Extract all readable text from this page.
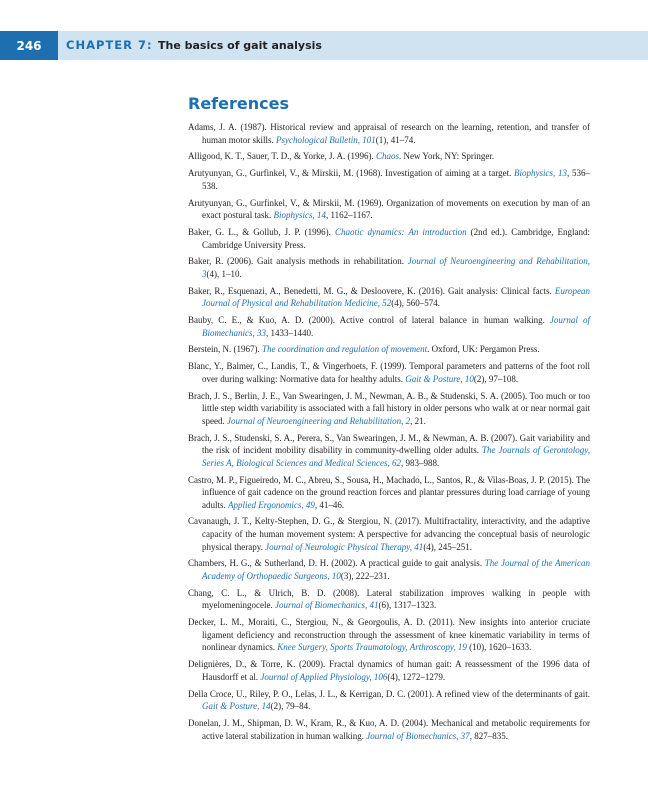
246	CHAPTER 7: The basics of gait analysis
References
Adams, J. A. (1987). Historical review and appraisal of research on the learning, retention, and transfer of human motor skills. Psychological Bulletin, 101(1), 41–74.
Alligood, K. T., Sauer, T. D., & Yorke, J. A. (1996). Chaos. New York, NY: Springer.
Arutyunyan, G., Gurfinkel, V., & Mirskii, M. (1968). Investigation of aiming at a target. Biophysics, 13, 536–538.
Arutyunyan, G., Gurfinkel, V., & Mirskii, M. (1969). Organization of movements on execution by man of an exact postural task. Biophysics, 14, 1162–1167.
Baker, G. L., & Gollub, J. P. (1996). Chaotic dynamics: An introduction (2nd ed.). Cambridge, England: Cambridge University Press.
Baker, R. (2006). Gait analysis methods in rehabilitation. Journal of Neuroengineering and Rehabilitation, 3(4), 1–10.
Baker, R., Esquenazi, A., Benedetti, M. G., & Desloovere, K. (2016). Gait analysis: Clinical facts. European Journal of Physical and Rehabilitation Medicine, 52(4), 560–574.
Bauby, C. E., & Kuo, A. D. (2000). Active control of lateral balance in human walking. Journal of Biomechanics, 33, 1433–1440.
Berstein, N. (1967). The coordination and regulation of movement. Oxford, UK: Pergamon Press.
Blanc, Y., Balmer, C., Landis, T., & Vingerhoets, F. (1999). Temporal parameters and patterns of the foot roll over during walking: Normative data for healthy adults. Gait & Posture, 10(2), 97–108.
Brach, J. S., Berlin, J. E., Van Swearingen, J. M., Newman, A. B., & Studenski, S. A. (2005). Too much or too little step width variability is associated with a fall history in older persons who walk at or near normal gait speed. Journal of Neuroengineering and Rehabilitation, 2, 21.
Brach, J. S., Studenski, S. A., Perera, S., Van Swearingen, J. M., & Newman, A. B. (2007). Gait variability and the risk of incident mobility disability in community-dwelling older adults. The Journals of Gerontology, Series A, Biological Sciences and Medical Sciences, 62, 983–988.
Castro, M. P., Figueiredo, M. C., Abreu, S., Sousa, H., Machado, L., Santos, R., & Vilas-Boas, J. P. (2015). The influence of gait cadence on the ground reaction forces and plantar pressures during load carriage of young adults. Applied Ergonomics, 49, 41–46.
Cavanaugh, J. T., Kelty-Stephen, D. G., & Stergiou, N. (2017). Multifractality, interactivity, and the adaptive capacity of the human movement system: A perspective for advancing the conceptual basis of neurologic physical therapy. Journal of Neurologic Physical Therapy, 41(4), 245–251.
Chambers, H. G., & Sutherland, D. H. (2002). A practical guide to gait analysis. The Journal of the American Academy of Orthopaedic Surgeons, 10(3), 222–231.
Chang, C. L., & Ulrich, B. D. (2008). Lateral stabilization improves walking in people with myelomeningocele. Journal of Biomechanics, 41(6), 1317–1323.
Decker, L. M., Moraiti, C., Stergiou, N., & Georgoulis, A. D. (2011). New insights into anterior cruciate ligament deficiency and reconstruction through the assessment of knee kinematic variability in terms of nonlinear dynamics. Knee Surgery, Sports Traumatology, Arthroscopy, 19 (10), 1620–1633.
Delignières, D., & Torre, K. (2009). Fractal dynamics of human gait: A reassessment of the 1996 data of Hausdorff et al. Journal of Applied Physiology, 106(4), 1272–1279.
Della Croce, U., Riley, P. O., Lelas, J. L., & Kerrigan, D. C. (2001). A refined view of the determinants of gait. Gait & Posture, 14(2), 79–84.
Donelan, J. M., Shipman, D. W., Kram, R., & Kuo, A. D. (2004). Mechanical and metabolic requirements for active lateral stabilization in human walking. Journal of Biomechanics, 37, 827–835.
